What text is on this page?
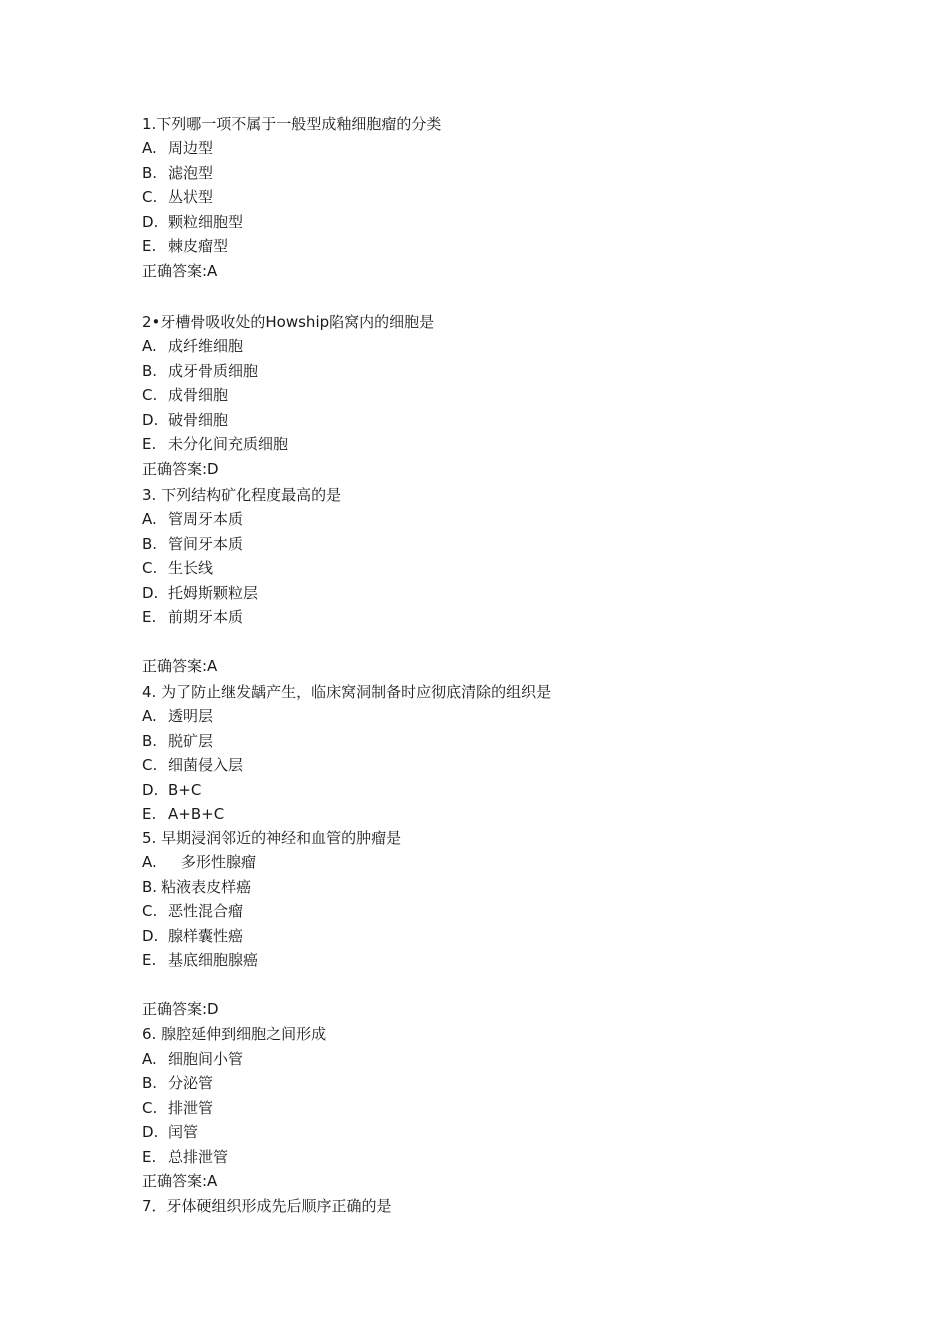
1.下列哪一项不属于一般型成釉细胞瘤的分类
A. 周边型
B. 滤泡型
C. 丛状型
D. 颗粒细胞型
E. 棘皮瘤型
正确答案:A
2•牙槽骨吸收处的Howship陷窝内的细胞是
A. 成纤维细胞
B. 成牙骨质细胞
C. 成骨细胞
D. 破骨细胞
E. 未分化间充质细胞
正确答案:D
3. 下列结构矿化程度最高的是
A. 管周牙本质
B. 管间牙本质
C. 生长线
D. 托姆斯颗粒层
E. 前期牙本质
正确答案:A
4. 为了防止继发龋产生，临床窝洞制备时应彻底清除的组织是
A. 透明层
B. 脱矿层
C. 细菌侵入层
D. B+C
E. A+B+C
5. 早期浸润邻近的神经和血管的肿瘤是
A. 多形性腺瘤
B. 粘液表皮样癌
C. 恶性混合瘤
D. 腺样囊性癌
E. 基底细胞腺癌
正确答案:D
6. 腺腔延伸到细胞之间形成
A. 细胞间小管
B. 分泌管
C. 排泄管
D. 闰管
E. 总排泄管
正确答案:A
7．牙体硬组织形成先后顺序正确的是
